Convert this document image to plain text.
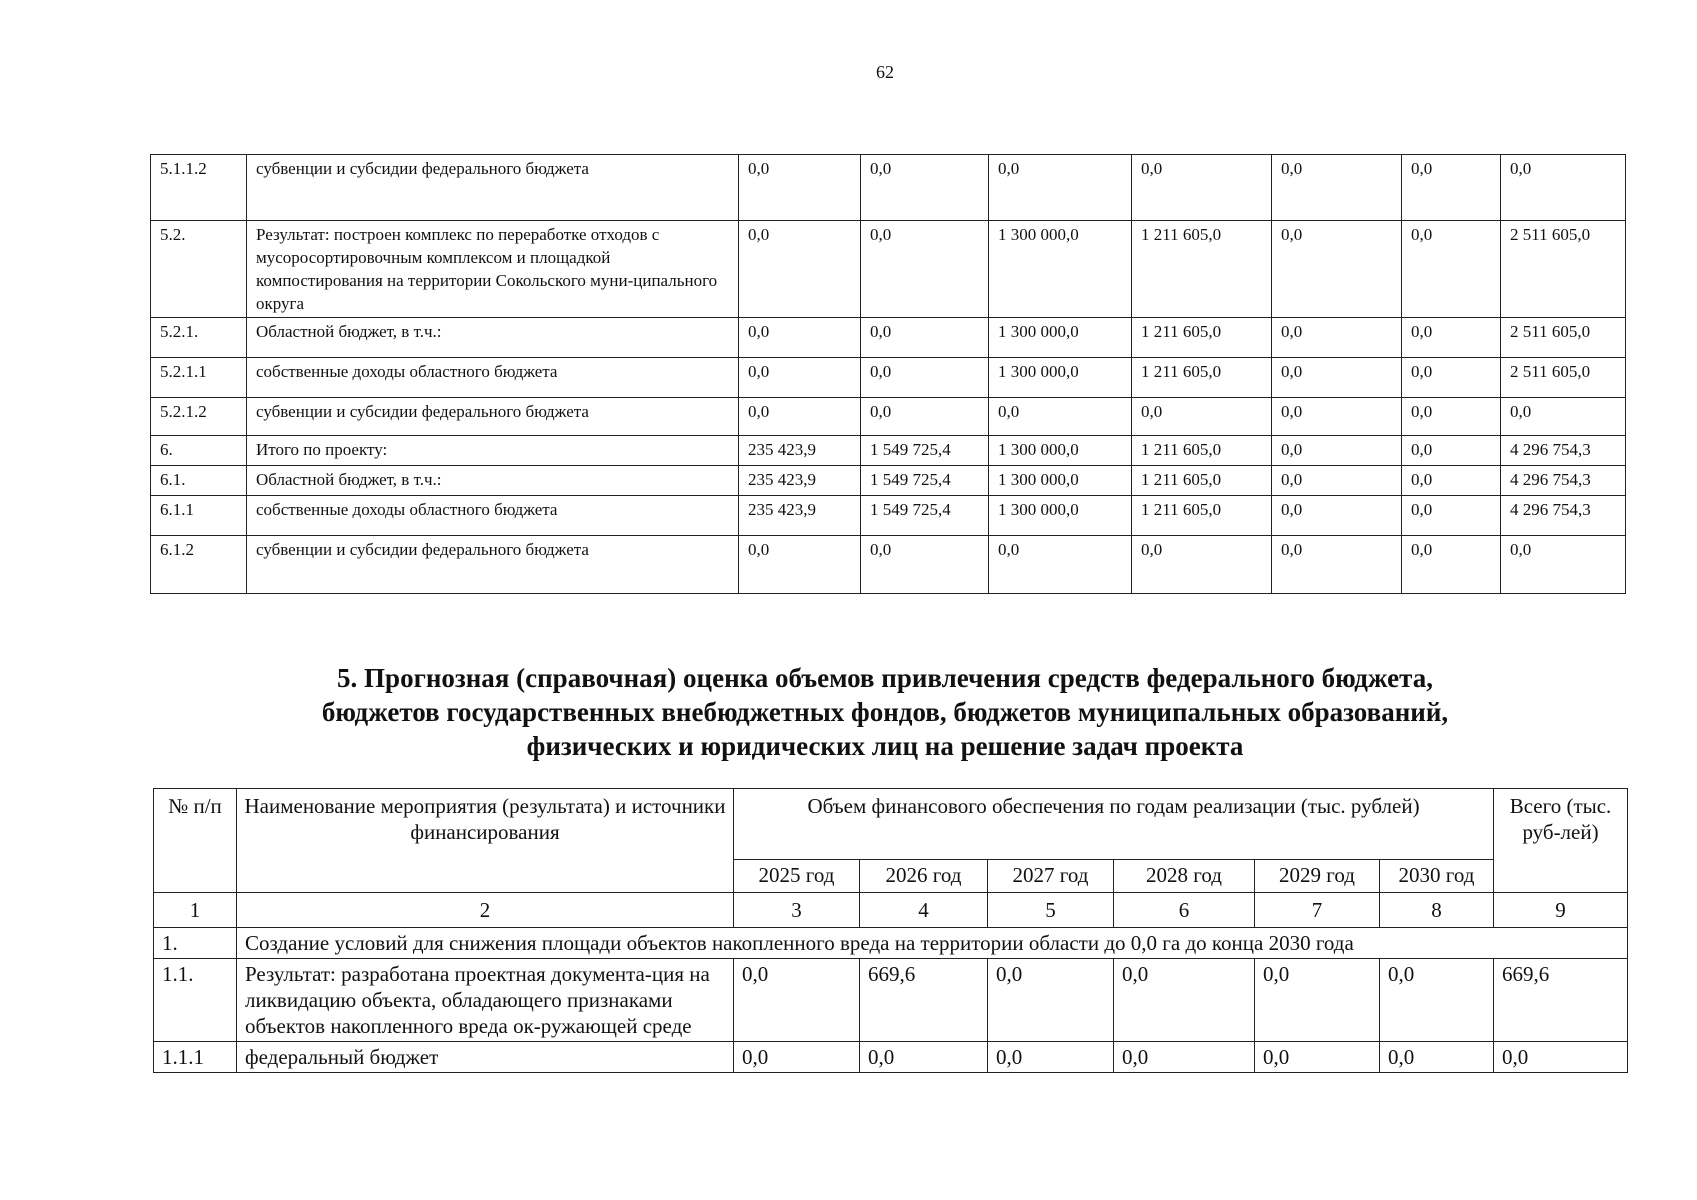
62
5.1.1.2	субвенции и субсидии федерального бюджета	0,0	0,0	0,0	0,0	0,0	0,0	0,0
5.2.	Результат: построен комплекс по переработке отходов с мусоросортировочным комплексом и площадкой компостирования на территории Сокольского муни-ципального округа	0,0	0,0	1 300 000,0	1 211 605,0	0,0	0,0	2 511 605,0
5.2.1.	Областной бюджет, в т.ч.:	0,0	0,0	1 300 000,0	1 211 605,0	0,0	0,0	2 511 605,0
5.2.1.1	собственные доходы областного бюджета	0,0	0,0	1 300 000,0	1 211 605,0	0,0	0,0	2 511 605,0
5.2.1.2	субвенции и субсидии федерального бюджета	0,0	0,0	0,0	0,0	0,0	0,0	0,0
6.	Итого по проекту:	235 423,9	1 549 725,4	1 300 000,0	1 211 605,0	0,0	0,0	4 296 754,3
6.1.	Областной бюджет, в т.ч.:	235 423,9	1 549 725,4	1 300 000,0	1 211 605,0	0,0	0,0	4 296 754,3
6.1.1	собственные доходы областного бюджета	235 423,9	1 549 725,4	1 300 000,0	1 211 605,0	0,0	0,0	4 296 754,3
6.1.2	субвенции и субсидии федерального бюджета	0,0	0,0	0,0	0,0	0,0	0,0	0,0
5. Прогнозная (справочная) оценка объемов привлечения средств федерального бюджета,
бюджетов государственных внебюджетных фондов, бюджетов муниципальных образований,
физических и юридических лиц на решение задач проекта
№ п/п	Наименование мероприятия (результата) и источники финансирования	Объем финансового обеспечения по годам реализации (тыс. рублей)						Всего (тыс. руб-лей)
		2025 год	2026 год	2027 год	2028 год	2029 год	2030 год	
1	2	3	4	5	6	7	8	9
1.	Создание условий для снижения площади объектов накопленного вреда на территории области до 0,0 га до конца 2030 года							
1.1.	Результат: разработана проектная документа-ция на ликвидацию объекта, обладающего признаками объектов накопленного вреда ок-ружающей среде	0,0	669,6	0,0	0,0	0,0	0,0	669,6
1.1.1	федеральный бюджет	0,0	0,0	0,0	0,0	0,0	0,0	0,0
